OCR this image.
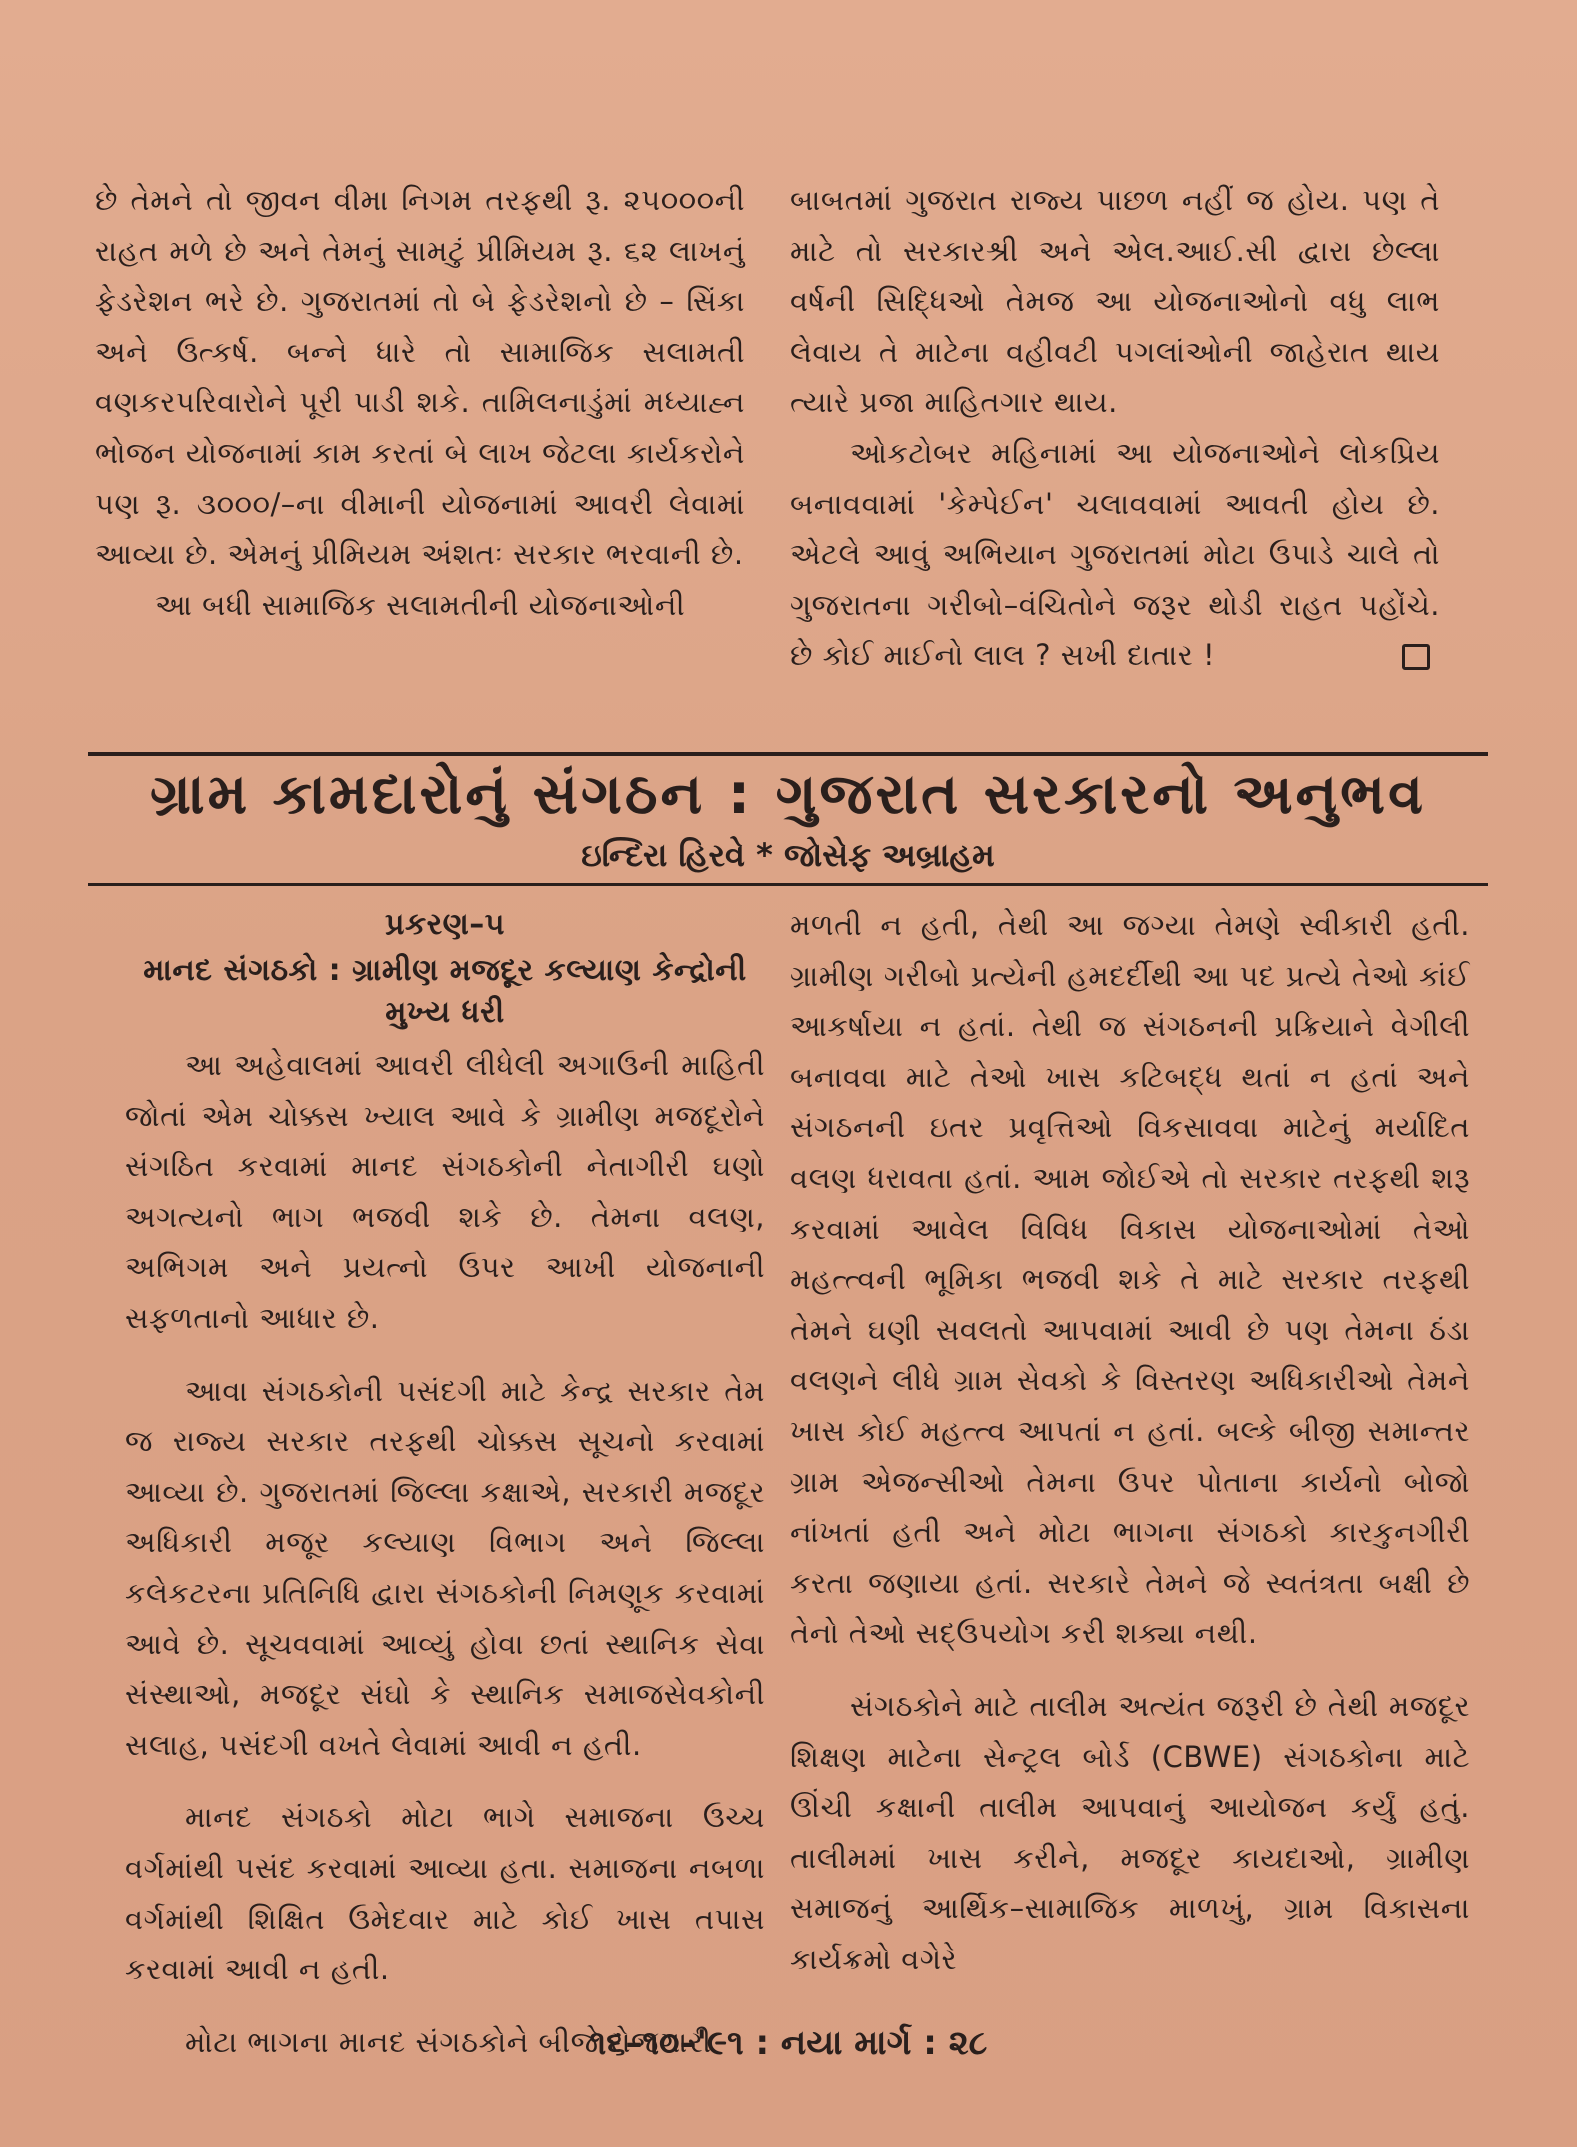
છે તેમને તો જીવન વીમા નિગમ તરફથી રૂ. ૨૫૦૦૦ની રાહત મળે છે અને તેમનું સામટું પ્રીમિયમ રૂ. ૬૨ લાખનું ફેડરેશન ભરે છે. ગુજરાતમાં તો બે ફેડરેશનો છે – સિંકા અને ઉત્કર્ષ. બન્ને ધારે તો સામાજિક સલામતી વણકરપરિવારોને પૂરી પાડી શકે. તામિલનાડુંમાં મધ્યાહ્ન ભોજન યોજનામાં કામ કરતાં બે લાખ જેટલા કાર્યકરોને પણ રૂ. ૩૦૦૦/–ના વીમાની યોજનામાં આવરી લેવામાં આવ્યા છે. એમનું પ્રીમિયમ અંશતઃ સરકાર ભરવાની છે.

આ બધી સામાજિક સલામતીની યોજનાઓની

બાબતમાં ગુજરાત રાજ્ય પાછળ નહીં જ હોય. પણ તે માટે તો સરકારશ્રી અને એલ.આઈ.સી દ્વારા છેલ્લા વર્ષની સિદ્ધિઓ તેમજ આ યોજનાઓનો વધુ લાભ લેવાય તે માટેના વહીવટી પગલાંઓની જાહેરાત થાય ત્યારે પ્રજા માહિતગાર થાય.

ઓકટોબર મહિનામાં આ યોજનાઓને લોકપ્રિય બનાવવામાં 'કેમ્પેઈન' ચલાવવામાં આવતી હોય છે. એટલે આવું અભિયાન ગુજરાતમાં મોટા ઉપાડે ચાલે તો ગુજરાતના ગરીબો–વંચિતોને જરૂર થોડી રાહત પહોંચે. છે કોઈ માઈનો લાલ ? સખી દાતાર !

ગ્રામ કામદારોનું સંગઠન : ગુજરાત સરકારનો અનુભવ
ઇન્દિરા હિરવે * જોસેફ અબ્રાહમ
પ્રકરણ–૫
માનદ સંગઠકો : ગ્રામીણ મજદૂર કલ્યાણ કેન્દ્રોની મુખ્ય ધરી

આ અહેવાલમાં આવરી લીધેલી અગાઉની માહિતી જોતાં એમ ચોક્કસ ખ્યાલ આવે કે ગ્રામીણ મજદૂરોને સંગઠિત કરવામાં માનદ સંગઠકોની નેતાગીરી ઘણો અગત્યનો ભાગ ભજવી શકે છે. તેમના વલણ, અભિગમ અને પ્રયત્નો ઉપર આખી યોજનાની સફળતાનો આધાર છે.

આવા સંગઠકોની પસંદગી માટે કેન્દ્ર સરકાર તેમ જ રાજ્ય સરકાર તરફથી ચોક્કસ સૂચનો કરવામાં આવ્યા છે. ગુજરાતમાં જિલ્લા કક્ષાએ, સરકારી મજદૂર અધિકારી મજૂર કલ્યાણ વિભાગ અને જિલ્લા કલેકટરના પ્રતિનિધિ દ્વારા સંગઠકોની નિમણૂક કરવામાં આવે છે. સૂચવવામાં આવ્યું હોવા છતાં સ્થાનિક સેવા સંસ્થાઓ, મજદૂર સંઘો કે સ્થાનિક સમાજસેવકોની સલાહ, પસંદગી વખતે લેવામાં આવી ન હતી.

માનદ સંગઠકો મોટા ભાગે સમાજના ઉચ્ચ વર્ગમાંથી પસંદ કરવામાં આવ્યા હતા. સમાજના નબળા વર્ગમાંથી શિક્ષિત ઉમેદવાર માટે કોઈ ખાસ તપાસ કરવામાં આવી ન હતી.

મોટા ભાગના માનદ સંગઠકોને બીજે રોજગારી

મળતી ન હતી, તેથી આ જગ્યા તેમણે સ્વીકારી હતી. ગ્રામીણ ગરીબો પ્રત્યેની હમદર્દીથી આ પદ પ્રત્યે તેઓ કાંઈ આકર્ષાયા ન હતાં. તેથી જ સંગઠનની પ્રક્રિયાને વેગીલી બનાવવા માટે તેઓ ખાસ કટિબદ્ધ થતાં ન હતાં અને સંગઠનની ઇતર પ્રવૃત્તિઓ વિકસાવવા માટેનું મર્યાદિત વલણ ધરાવતા હતાં. આમ જોઈએ તો સરકાર તરફથી શરૂ કરવામાં આવેલ વિવિધ વિકાસ યોજનાઓમાં તેઓ મહત્ત્વની ભૂમિકા ભજવી શકે તે માટે સરકાર તરફથી તેમને ઘણી સવલતો આપવામાં આવી છે પણ તેમના ઠંડા વલણને લીધે ગ્રામ સેવકો કે વિસ્તરણ અધિકારીઓ તેમને ખાસ કોઈ મહત્ત્વ આપતાં ન હતાં. બલ્કે બીજી સમાન્તર ગ્રામ એજન્સીઓ તેમના ઉપર પોતાના કાર્યનો બોજો નાંખતાં હતી અને મોટા ભાગના સંગઠકો કારકુનગીરી કરતા જણાયા હતાં. સરકારે તેમને જે સ્વતંત્રતા બક્ષી છે તેનો તેઓ સદ્ઉપયોગ કરી શક્યા નથી.

સંગઠકોને માટે તાલીમ અત્યંત જરૂરી છે તેથી મજદૂર શિક્ષણ માટેના સેન્ટ્રલ બોર્ડ (CBWE) સંગઠકોના માટે ઊંચી કક્ષાની તાલીમ આપવાનું આયોજન કર્યું હતું. તાલીમમાં ખાસ કરીને, મજદૂર કાયદાઓ, ગ્રામીણ સમાજનું આર્થિક–સામાજિક માળખું, ગ્રામ વિકાસના કાર્યક્રમો વગેરે

૧૬–૧૦–'૯૧ : નયા માર્ગ : ૨૮
